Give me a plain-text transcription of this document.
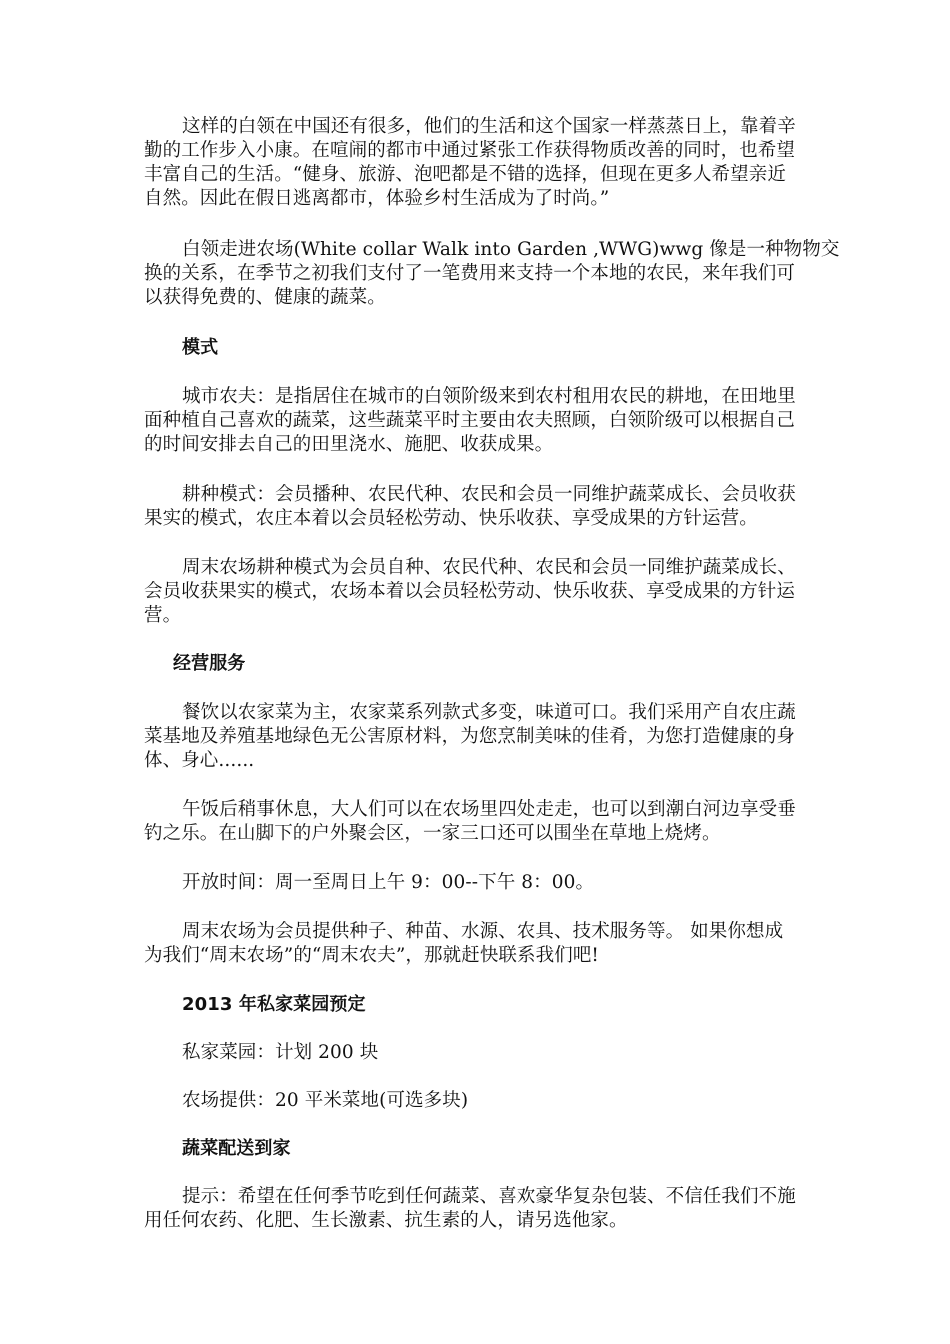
这样的白领在中国还有很多，他们的生活和这个国家一样蒸蒸日上，靠着辛
勤的工作步入小康。在喧闹的都市中通过紧张工作获得物质改善的同时，也希望
丰富自己的生活。“健身、旅游、泡吧都是不错的选择，但现在更多人希望亲近
自然。因此在假日逃离都市，体验乡村生活成为了时尚。”
白领走进农场(White collar Walk into Garden ,WWG)wwg 像是一种物物交
换的关系，在季节之初我们支付了一笔费用来支持一个本地的农民，来年我们可
以获得免费的、健康的蔬菜。
模式
城市农夫：是指居住在城市的白领阶级来到农村租用农民的耕地，在田地里
面种植自己喜欢的蔬菜，这些蔬菜平时主要由农夫照顾，白领阶级可以根据自己
的时间安排去自己的田里浇水、施肥、收获成果。
耕种模式：会员播种、农民代种、农民和会员一同维护蔬菜成长、会员收获
果实的模式，农庄本着以会员轻松劳动、快乐收获、享受成果的方针运营。
周末农场耕种模式为会员自种、农民代种、农民和会员一同维护蔬菜成长、
会员收获果实的模式，农场本着以会员轻松劳动、快乐收获、享受成果的方针运
营。
经营服务
餐饮以农家菜为主，农家菜系列款式多变，味道可口。我们采用产自农庄蔬
菜基地及养殖基地绿色无公害原材料，为您烹制美味的佳肴，为您打造健康的身
体、身心......
午饭后稍事休息，大人们可以在农场里四处走走，也可以到潮白河边享受垂
钓之乐。在山脚下的户外聚会区，一家三口还可以围坐在草地上烧烤。
开放时间：周一至周日上午 9：00--下午 8：00。
周末农场为会员提供种子、种苗、水源、农具、技术服务等。 如果你想成
为我们“周末农场”的“周末农夫”，那就赶快联系我们吧!
2013 年私家菜园预定
私家菜园：计划 200 块
农场提供：20 平米菜地(可选多块)
蔬菜配送到家
提示：希望在任何季节吃到任何蔬菜、喜欢豪华复杂包装、不信任我们不施
用任何农药、化肥、生长激素、抗生素的人，请另选他家。
